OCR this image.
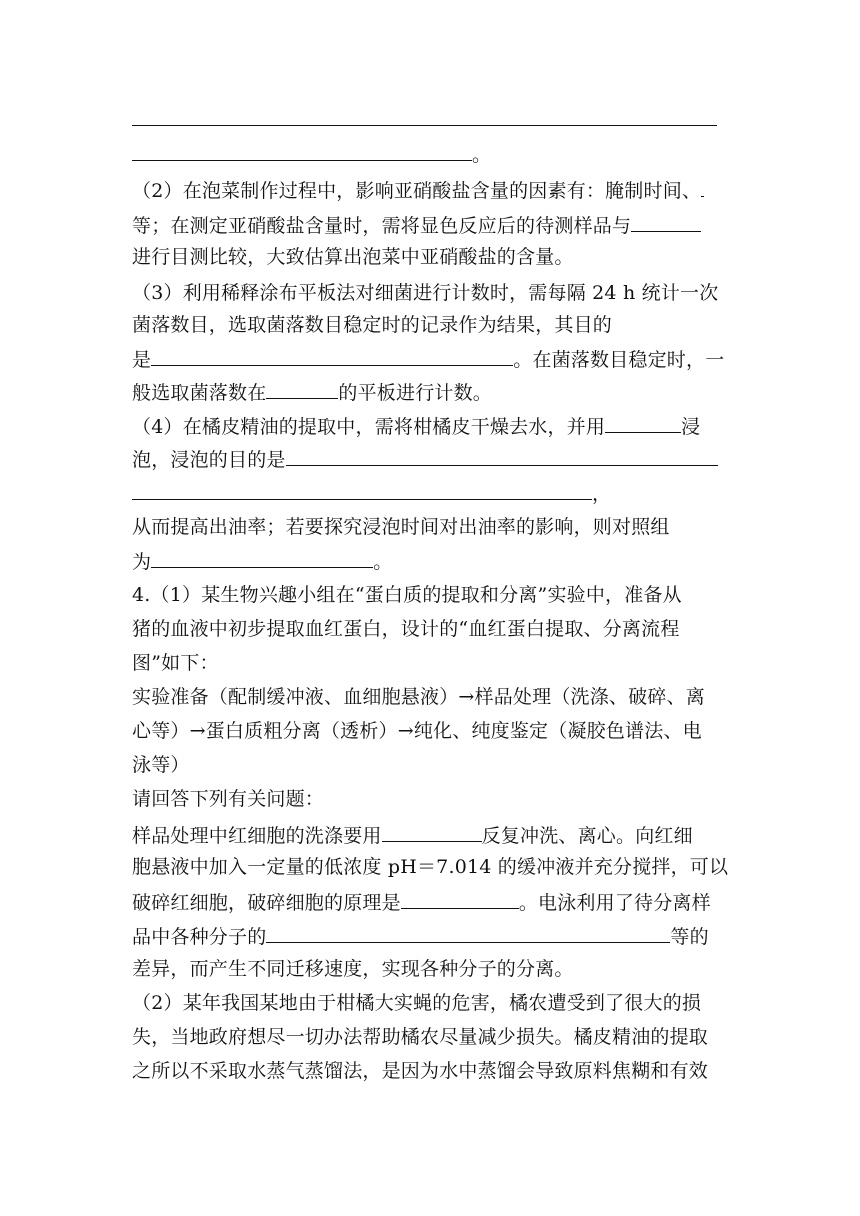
。
（2）在泡菜制作过程中，影响亚硝酸盐含量的因素有：腌制时间、
等；在测定亚硝酸盐含量时，需将显色反应后的待测样品与
进行目测比较，大致估算出泡菜中亚硝酸盐的含量。
（3）利用稀释涂布平板法对细菌进行计数时，需每隔 24 h 统计一次
菌落数目，选取菌落数目稳定时的记录作为结果，其目的
是	。在菌落数目稳定时，一
般选取菌落数在	的平板进行计数。
（4）在橘皮精油的提取中，需将柑橘皮干燥去水，并用	浸
泡，浸泡的目的是
，
从而提高出油率；若要探究浸泡时间对出油率的影响，则对照组
为	。
4.（1）某生物兴趣小组在“蛋白质的提取和分离”实验中，准备从
猪的血液中初步提取血红蛋白，设计的“血红蛋白提取、分离流程
图”如下：
实验准备（配制缓冲液、血细胞悬液）→样品处理（洗涤、破碎、离
心等）→蛋白质粗分离（透析）→纯化、纯度鉴定（凝胶色谱法、电
泳等）
请回答下列有关问题：
样品处理中红细胞的洗涤要用	反复冲洗、离心。向红细
胞悬液中加入一定量的低浓度 pH＝7.014 的缓冲液并充分搅拌，可以
破碎红细胞，破碎细胞的原理是	。电泳利用了待分离样
品中各种分子的	等的
差异，而产生不同迁移速度，实现各种分子的分离。
（2）某年我国某地由于柑橘大实蝇的危害，橘农遭受到了很大的损
失，当地政府想尽一切办法帮助橘农尽量减少损失。橘皮精油的提取
之所以不采取水蒸气蒸馏法，是因为水中蒸馏会导致原料焦糊和有效
